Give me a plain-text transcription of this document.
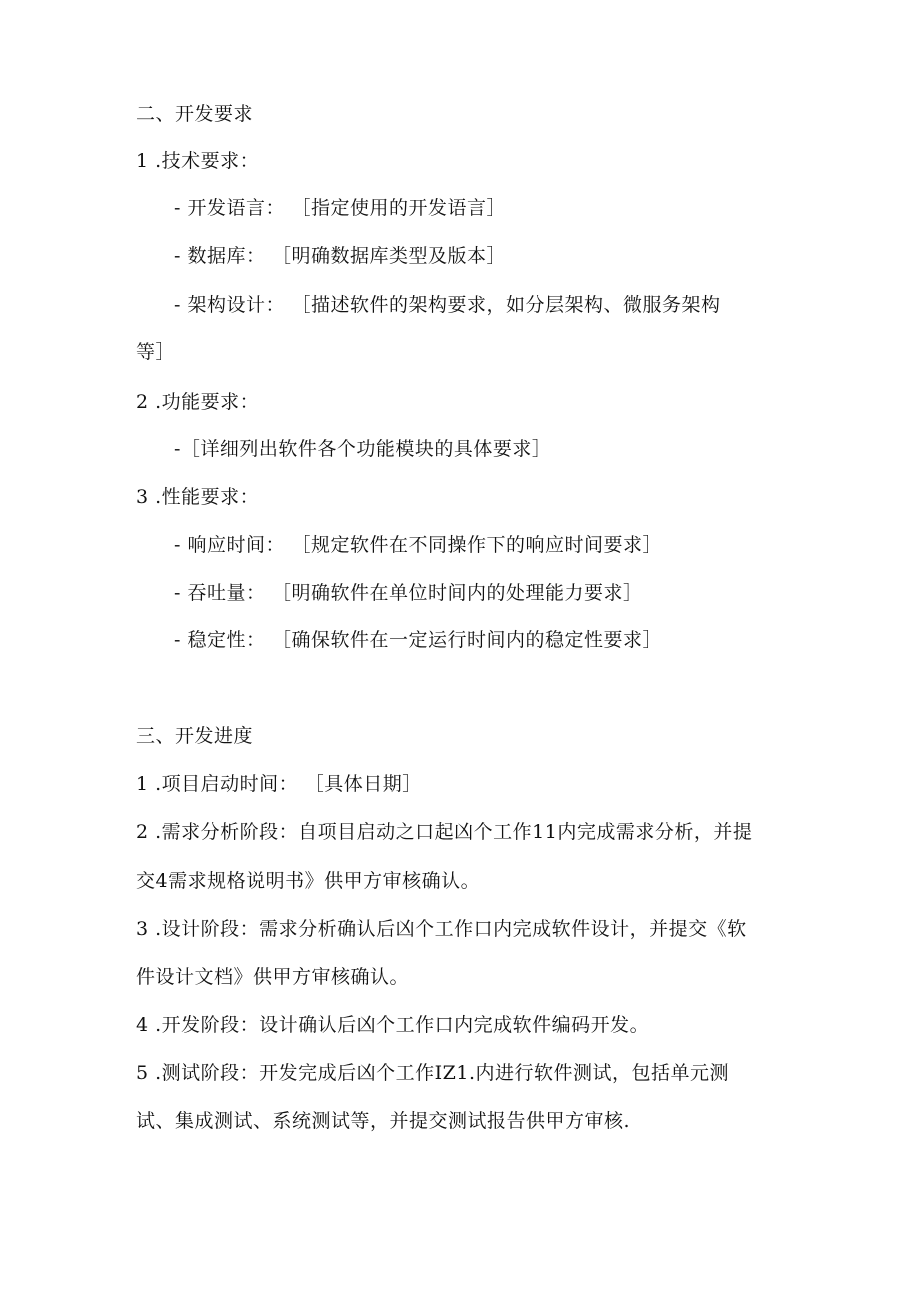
二、开发要求
1 .技术要求：
- 开发语言： ［指定使用的开发语言］
- 数据库： ［明确数据库类型及版本］
- 架构设计： ［描述软件的架构要求，如分层架构、微服务架构
等］
2 .功能要求：
-［详细列出软件各个功能模块的具体要求］
3 .性能要求：
- 响应时间： ［规定软件在不同操作下的响应时间要求］
- 吞吐量： ［明确软件在单位时间内的处理能力要求］
- 稳定性： ［确保软件在一定运行时间内的稳定性要求］
三、开发进度
1 .项目启动时间： ［具体日期］
2 .需求分析阶段：自项目启动之口起凶个工作11内完成需求分析，并提
交4需求规格说明书》供甲方审核确认。
3 .设计阶段：需求分析确认后凶个工作口内完成软件设计，并提交《软
件设计文档》供甲方审核确认。
4 .开发阶段：设计确认后凶个工作口内完成软件编码开发。
5 .测试阶段：开发完成后凶个工作IZ1.内进行软件测试，包括单元测
试、集成测试、系统测试等，并提交测试报告供甲方审核.
